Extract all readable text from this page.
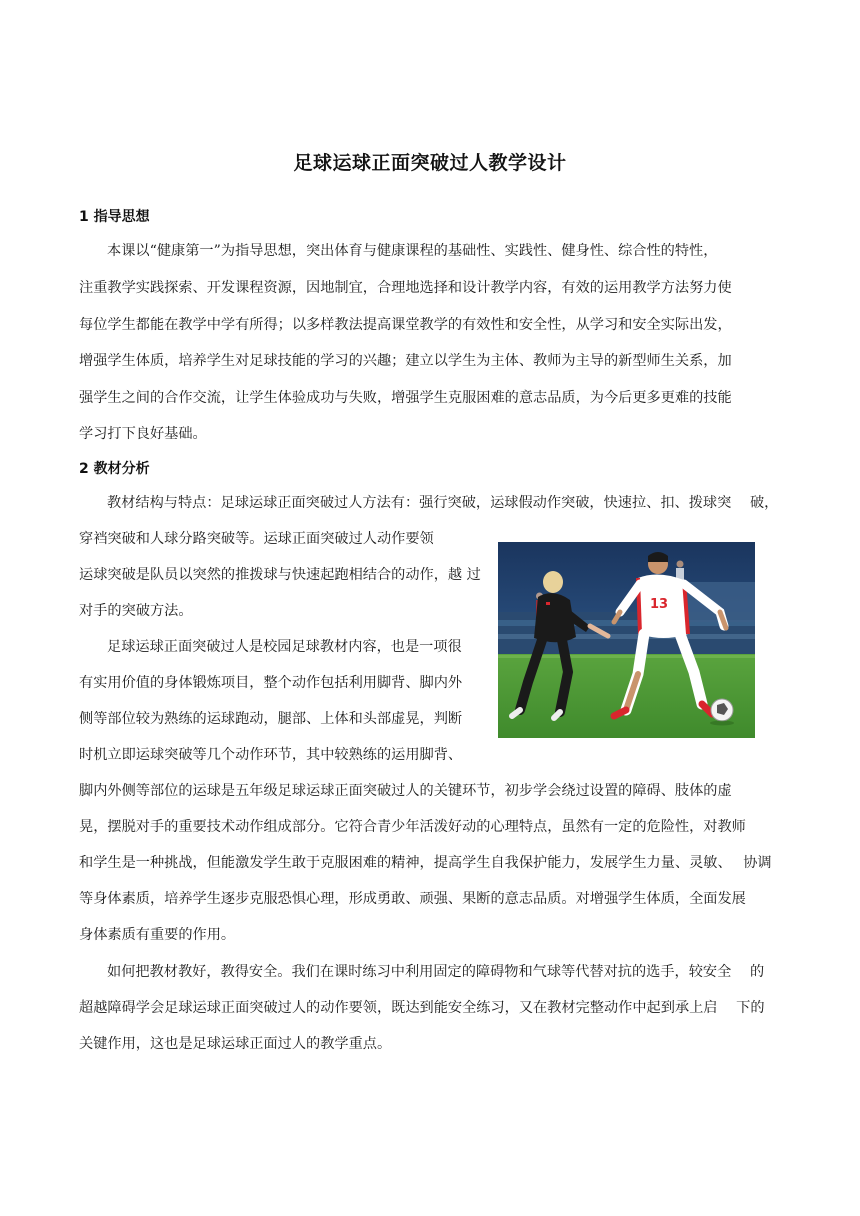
足球运球正面突破过人教学设计
1 指导思想
本课以“健康第一”为指导思想，突出体育与健康课程的基础性、实践性、健身性、综合性的特性，
注重教学实践探索、开发课程资源，因地制宜，合理地选择和设计教学内容，有效的运用教学方法努力使
每位学生都能在教学中学有所得；以多样教法提高课堂教学的有效性和安全性，从学习和安全实际出发，
增强学生体质，培养学生对足球技能的学习的兴趣；建立以学生为主体、教师为主导的新型师生关系，加
强学生之间的合作交流，让学生体验成功与失败，增强学生克服困难的意志品质，为今后更多更难的技能
学习打下良好基础。
2 教材分析
教材结构与特点：足球运球正面突破过人方法有：强行突破，运球假动作突破，快速拉、扣、拨球突　 破，
穿裆突破和人球分路突破等。运球正面突破过人动作要领
运球突破是队员以突然的推拨球与快速起跑相结合的动作，越 过
对手的突破方法。
足球运球正面突破过人是校园足球教材内容，也是一项很
有实用价值的身体锻炼项目，整个动作包括利用脚背、脚内外
侧等部位较为熟练的运球跑动，腿部、上体和头部虚晃，判断
时机立即运球突破等几个动作环节，其中较熟练的运用脚背、
脚内外侧等部位的运球是五年级足球运球正面突破过人的关键环节，初步学会绕过设置的障碍、肢体的虚
晃，摆脱对手的重要技术动作组成部分。它符合青少年活泼好动的心理特点，虽然有一定的危险性，对教师
和学生是一种挑战，但能激发学生敢于克服困难的精神，提高学生自我保护能力，发展学生力量、灵敏、　 协调
等身体素质，培养学生逐步克服恐惧心理，形成勇敢、顽强、果断的意志品质。对增强学生体质，全面发展
身体素质有重要的作用。
如何把教材教好，教得安全。我们在课时练习中利用固定的障碍物和气球等代替对抗的选手，较安全　 的
超越障碍学会足球运球正面突破过人的动作要领，既达到能安全练习，又在教材完整动作中起到承上启　 下的
关键作用，这也是足球运球正面过人的教学重点。
13
